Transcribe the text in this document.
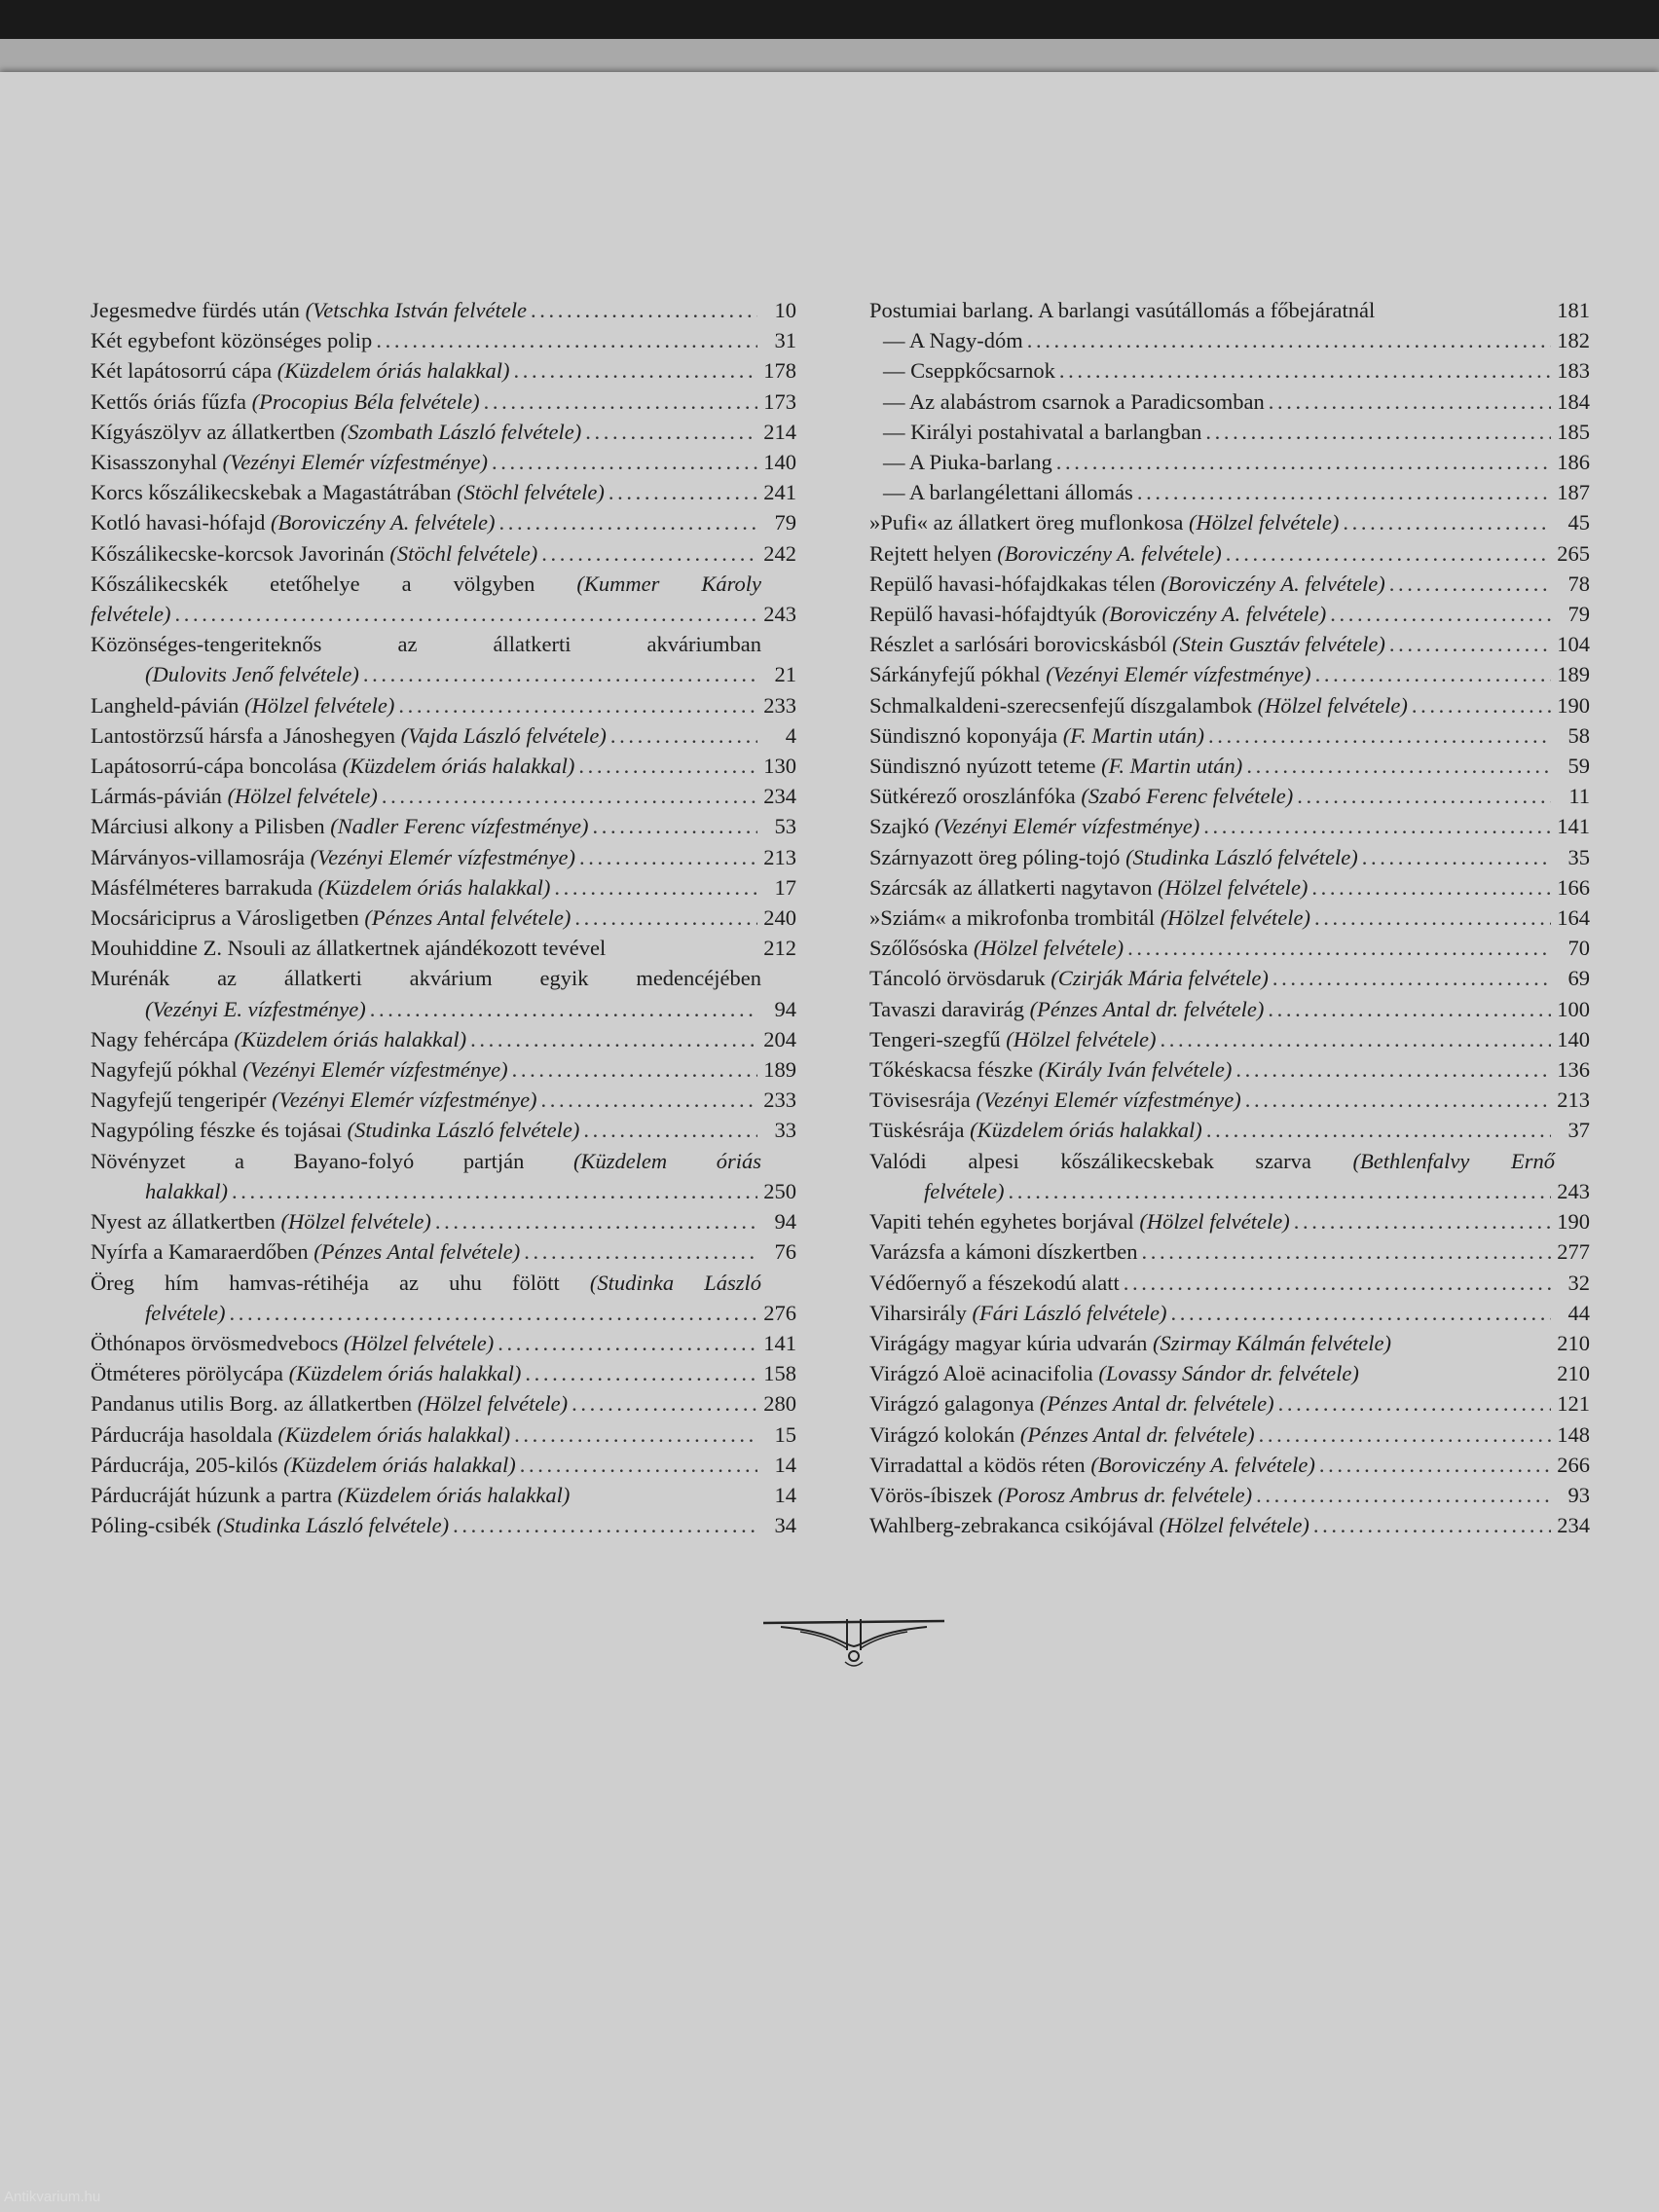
Jegesmedve fürdés után (Vetschka István felvétele . . .	10
Két egybefont közönséges polip . . .	31
Két lapátosorrú cápa (Küzdelem óriás halakkal) . . .	178
Kettős óriás fűzfa (Procopius Béla felvétele) . . .	173
Kígyászölyv az állatkertben (Szombath László felvétele) . . .	214
Kisasszonyhal (Vezényi Elemér vízfestménye) . . .	140
Korcs kőszálikecskebak a Magastátrában (Stöchl felvétele) . . .	241
Kotló havasi-hófajd (Boroviczény A. felvétele) . . .	79
Kőszálikecske-korcsok Javorinán (Stöchl felvétele) . . .	242
Kőszálikecskék etetőhelye a völgyben (Kummer Károly
felvétele) . . .	243
Közönséges-tengeriteknős az állatkerti akváriumban
(Dulovits Jenő felvétele) . . .	21
Langheld-pávián (Hölzel felvétele) . . .	233
Lantostörzsű hársfa a Jánoshegyen (Vajda László felvétele) . . .	4
Lapátosorrú-cápa boncolása (Küzdelem óriás halakkal) . . .	130
Lármás-pávián (Hölzel felvétele) . . .	234
Márciusi alkony a Pilisben (Nadler Ferenc vízfestménye) . . .	53
Márványos-villamosrája (Vezényi Elemér vízfestménye) . . .	213
Másfélméteres barrakuda (Küzdelem óriás halakkal) . . .	17
Mocsáriciprus a Városligetben (Pénzes Antal felvétele) . . .	240
Mouhiddine Z. Nsouli az állatkertnek ajándékozott tevével	212
Murénák az állatkerti akvárium egyik medencéjében
(Vezényi E. vízfestménye) . . .	94
Nagy fehércápa (Küzdelem óriás halakkal) . . .	204
Nagyfejű pókhal (Vezényi Elemér vízfestménye) . . .	189
Nagyfejű tengeripér (Vezényi Elemér vízfestménye) . . .	233
Nagypóling fészke és tojásai (Studinka László felvétele) . . .	33
Növényzet a Bayano-folyó partján (Küzdelem óriás
halakkal) . . .	250
Nyest az állatkertben (Hölzel felvétele) . . .	94
Nyírfa a Kamaraerdőben (Pénzes Antal felvétele) . . .	76
Öreg hím hamvas-rétihéja az uhu fölött (Studinka László
felvétele) . . .	276
Öthónapos örvösmedvebocs (Hölzel felvétele) . . .	141
Ötméteres pörölycápa (Küzdelem óriás halakkal) . . .	158
Pandanus utilis Borg. az állatkertben (Hölzel felvétele) . . .	280
Párducrája hasoldala (Küzdelem óriás halakkal) . . .	15
Párducrája, 205-kilós (Küzdelem óriás halakkal) . . .	14
Párducráját húzunk a partra (Küzdelem óriás halakkal)	14
Póling-csibék (Studinka László felvétele) . . .	34
Postumiai barlang. A barlangi vasútállomás a főbejáratnál	181
— A Nagy-dóm . . .	182
— Cseppkőcsarnok . . .	183
— Az alabástrom csarnok a Paradicsomban . . .	184
— Királyi postahivatal a barlangban . . .	185
— A Piuka-barlang . . .	186
— A barlangélettani állomás . . .	187
»Pufi« az állatkert öreg muflonkosa (Hölzel felvétele) . . .	45
Rejtett helyen (Boroviczény A. felvétele) . . .	265
Repülő havasi-hófajdkakas télen (Boroviczény A. felvétele) . . .	78
Repülő havasi-hófajdtyúk (Boroviczény A. felvétele) . . .	79
Részlet a sarlósári borovicskásból (Stein Gusztáv felvétele) . . .	104
Sárkányfejű pókhal (Vezényi Elemér vízfestménye) . . .	189
Schmalkaldeni-szerecsenfejű díszgalambok (Hölzel felvétele) . . .	190
Sündisznó koponyája (F. Martin után) . . .	58
Sündisznó nyúzott teteme (F. Martin után) . . .	59
Sütkérező oroszlánfóka (Szabó Ferenc felvétele) . . .	11
Szajkó (Vezényi Elemér vízfestménye) . . .	141
Szárnyazott öreg póling-tojó (Studinka László felvétele) . . .	35
Szárcsák az állatkerti nagytavon (Hölzel felvétele) . . .	166
»Sziám« a mikrofonba trombitál (Hölzel felvétele) . . .	164
Szőlősóska (Hölzel felvétele) . . .	70
Táncoló örvösdaruk (Czirják Mária felvétele) . . .	69
Tavaszi daravirág (Pénzes Antal dr. felvétele) . . .	100
Tengeri-szegfű (Hölzel felvétele) . . .	140
Tőkéskacsa fészke (Király Iván felvétele) . . .	136
Tövisesrája (Vezényi Elemér vízfestménye) . . .	213
Tüskésrája (Küzdelem óriás halakkal) . . .	37
Valódi alpesi kőszálikecskebak szarva (Bethlenfalvy Ernő
felvétele) . . .	243
Vapiti tehén egyhetes borjával (Hölzel felvétele) . . .	190
Varázsfa a kámoni díszkertben . . .	277
Védőernyő a fészekodú alatt . . .	32
Viharsirály (Fári László felvétele) . . .	44
Virágágy magyar kúria udvarán (Szirmay Kálmán felvétele)	210
Virágzó Aloë acinacifolia (Lovassy Sándor dr. felvétele)	210
Virágzó galagonya (Pénzes Antal dr. felvétele) . . .	121
Virágzó kolokán (Pénzes Antal dr. felvétele) . . .	148
Virradattal a ködös réten (Boroviczény A. felvétele) . . .	266
Vörös-íbiszek (Porosz Ambrus dr. felvétele) . . .	93
Wahlberg-zebrakanca csikójával (Hölzel felvétele) . . .	234
Antikvarium.hu
